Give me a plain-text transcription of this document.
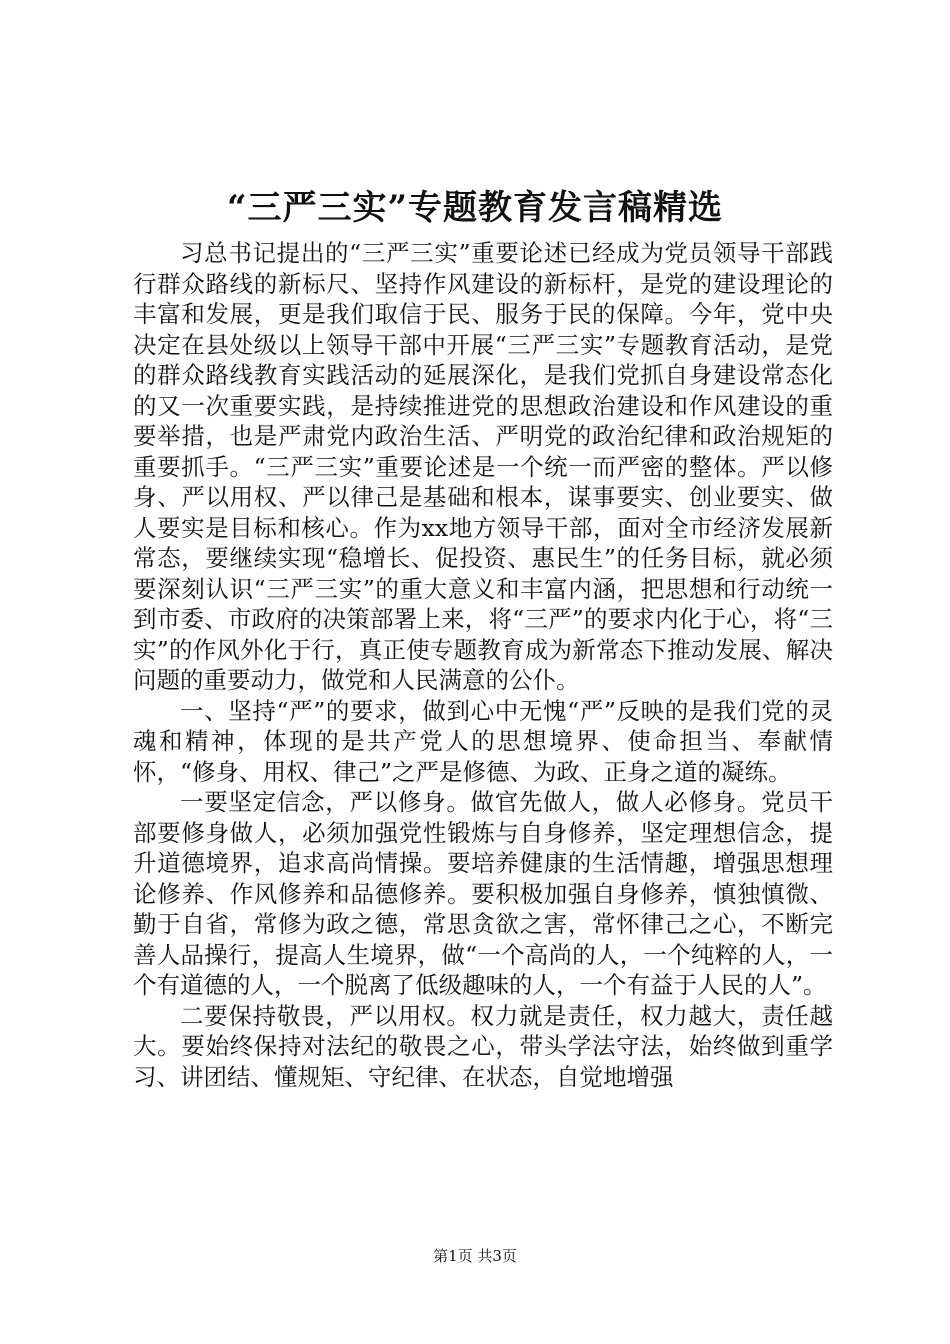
“三严三实”专题教育发言稿精选

习总书记提出的“三严三实”重要论述已经成为党员领导干部践行群众路线的新标尺、坚持作风建设的新标杆，是党的建设理论的丰富和发展，更是我们取信于民、服务于民的保障。今年，党中央决定在县处级以上领导干部中开展“三严三实”专题教育活动，是党的群众路线教育实践活动的延展深化，是我们党抓自身建设常态化的又一次重要实践，是持续推进党的思想政治建设和作风建设的重要举措，也是严肃党内政治生活、严明党的政治纪律和政治规矩的重要抓手。“三严三实”重要论述是一个统一而严密的整体。严以修身、严以用权、严以律己是基础和根本，谋事要实、创业要实、做人要实是目标和核心。作为xx地方领导干部，面对全市经济发展新常态，要继续实现“稳增长、促投资、惠民生”的任务目标，就必须要深刻认识“三严三实”的重大意义和丰富内涵，把思想和行动统一到市委、市政府的决策部署上来，将“三严”的要求内化于心，将“三实”的作风外化于行，真正使专题教育成为新常态下推动发展、解决问题的重要动力，做党和人民满意的公仆。

一、坚持“严”的要求，做到心中无愧“严”反映的是我们党的灵魂和精神，体现的是共产党人的思想境界、使命担当、奉献情怀，“修身、用权、律己”之严是修德、为政、正身之道的凝练。

一要坚定信念，严以修身。做官先做人，做人必修身。党员干部要修身做人，必须加强党性锻炼与自身修养，坚定理想信念，提升道德境界，追求高尚情操。要培养健康的生活情趣，增强思想理论修养、作风修养和品德修养。要积极加强自身修养，慎独慎微、勤于自省，常修为政之德，常思贪欲之害，常怀律己之心，不断完善人品操行，提高人生境界，做“一个高尚的人，一个纯粹的人，一个有道德的人，一个脱离了低级趣味的人，一个有益于人民的人”。

二要保持敬畏，严以用权。权力就是责任，权力越大，责任越大。要始终保持对法纪的敬畏之心，带头学法守法，始终做到重学习、讲团结、懂规矩、守纪律、在状态，自觉地增强

第1页 共3页
